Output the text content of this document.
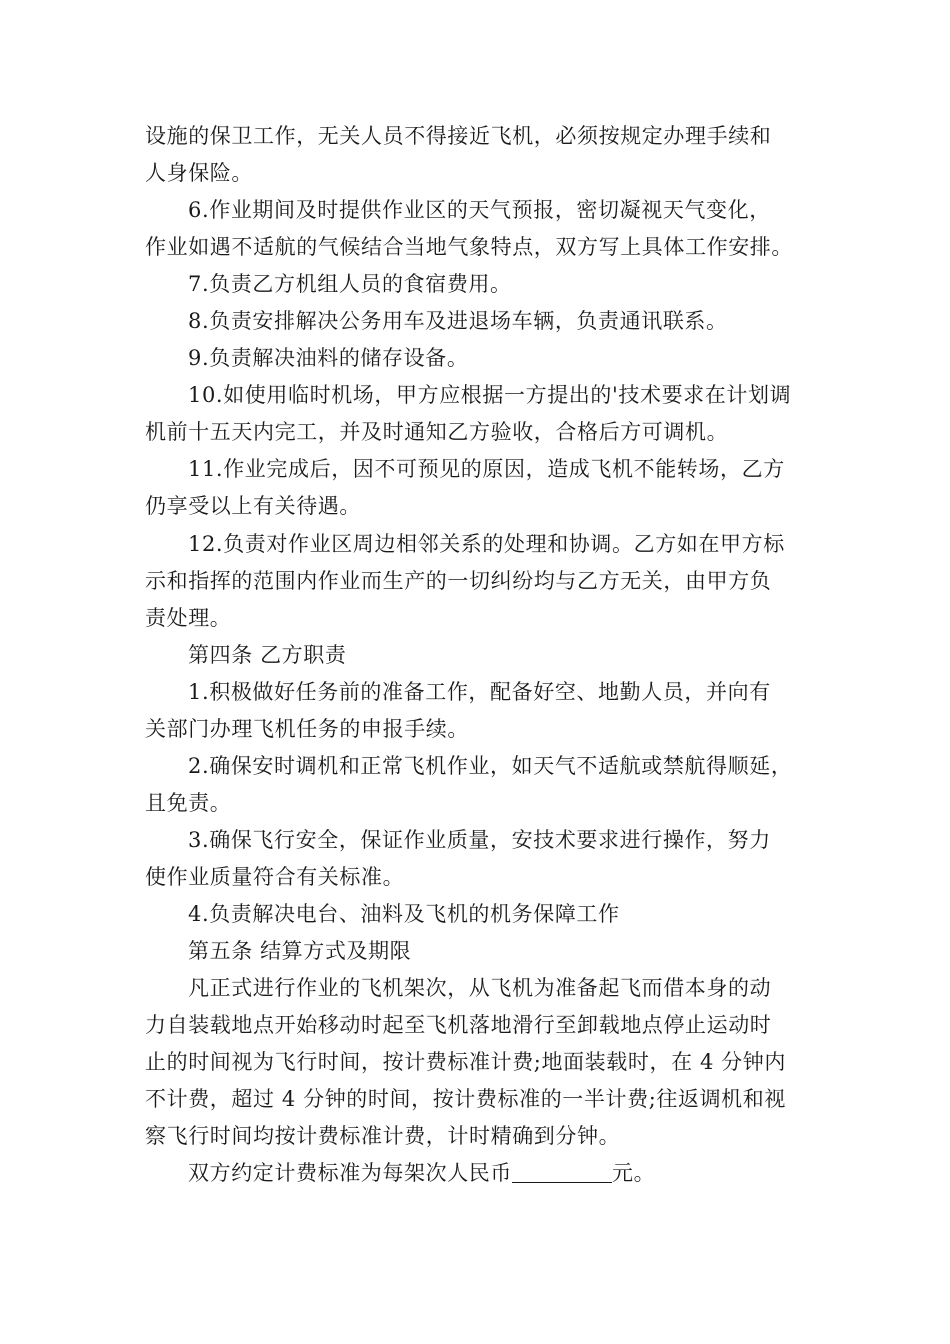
设施的保卫工作，无关人员不得接近飞机，必须按规定办理手续和
人身保险。
6.作业期间及时提供作业区的天气预报，密切凝视天气变化，
作业如遇不适航的气候结合当地气象特点，双方写上具体工作安排。
7.负责乙方机组人员的食宿费用。
8.负责安排解决公务用车及进退场车辆，负责通讯联系。
9.负责解决油料的储存设备。
10.如使用临时机场，甲方应根据一方提出的'技术要求在计划调
机前十五天内完工，并及时通知乙方验收，合格后方可调机。
11.作业完成后，因不可预见的原因，造成飞机不能转场，乙方
仍享受以上有关待遇。
12.负责对作业区周边相邻关系的处理和协调。乙方如在甲方标
示和指挥的范围内作业而生产的一切纠纷均与乙方无关，由甲方负
责处理。
第四条 乙方职责
1.积极做好任务前的准备工作，配备好空、地勤人员，并向有
关部门办理飞机任务的申报手续。
2.确保安时调机和正常飞机作业，如天气不适航或禁航得顺延，
且免责。
3.确保飞行安全，保证作业质量，安技术要求进行操作，努力
使作业质量符合有关标准。
4.负责解决电台、油料及飞机的机务保障工作
第五条 结算方式及期限
凡正式进行作业的飞机架次，从飞机为准备起飞而借本身的动
力自装载地点开始移动时起至飞机落地滑行至卸载地点停止运动时
止的时间视为飞行时间，按计费标准计费;地面装载时，在 4 分钟内
不计费，超过 4 分钟的时间，按计费标准的一半计费;往返调机和视
察飞行时间均按计费标准计费，计时精确到分钟。
双方约定计费标准为每架次人民币	元。
